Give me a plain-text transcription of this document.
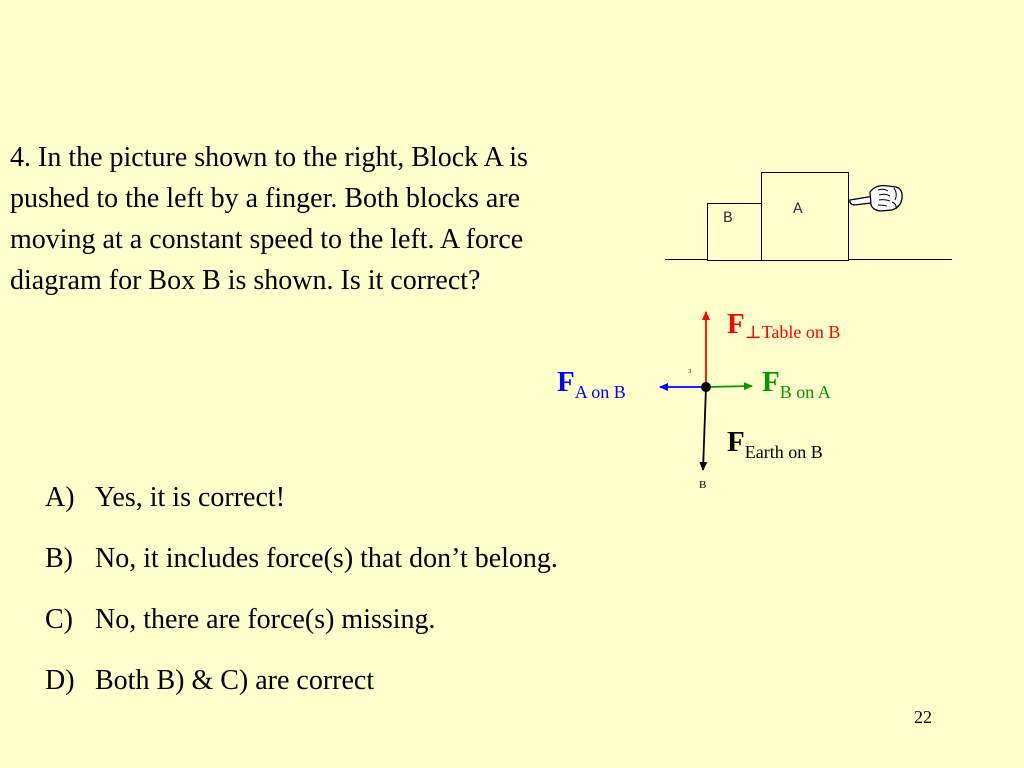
4. In the picture shown to the right, Block A is
pushed to the left by a finger. Both blocks are
moving at a constant speed to the left. A force
diagram for Box B is shown. Is it correct?
B	A
F⊥Table on B
FA on B	FB on A
FEarth on B
₃
B
A) Yes, it is correct!
B) No, it includes force(s) that don’t belong.
C) No, there are force(s) missing.
D) Both B) & C) are correct
22
